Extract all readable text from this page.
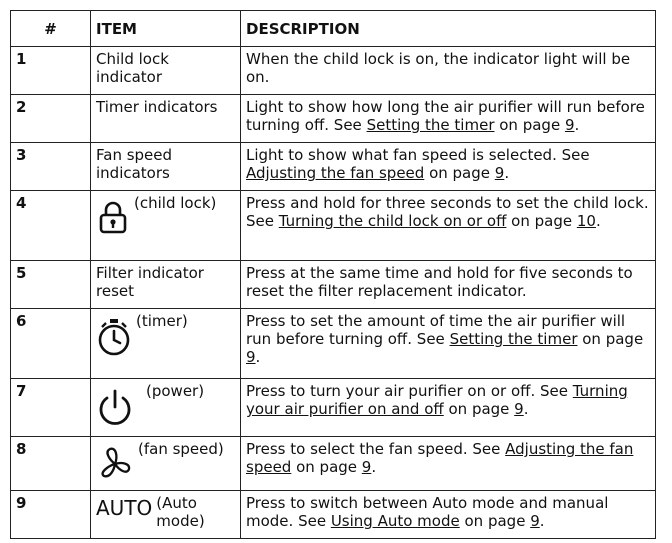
#	ITEM	DESCRIPTION
1	Child lock indicator	When the child lock is on, the indicator light will be on.

2	Timer indicators	Light to show how long the air purifier will run before turning off. See Setting the timer on page 9.

3	Fan speed indicators	Light to show what fan speed is selected. See Adjusting the fan speed on page 9.

4	(child lock)	Press and hold for three seconds to set the child lock.
See Turning the child lock on or off on page 10.

5	Filter indicator reset	Press at the same time and hold for five seconds to reset the filter replacement indicator.

6	(timer)	Press to set the amount of time the air purifier will run before turning off. See Setting the timer on page 9.

7	(power)	Press to turn your air purifier on or off. See Turning your air purifier on and off on page 9.

8	(fan speed)	Press to select the fan speed. See Adjusting the fan speed on page 9.

9	AUTO (Auto mode)	Press to switch between Auto mode and manual mode. See Using Auto mode on page 9.
